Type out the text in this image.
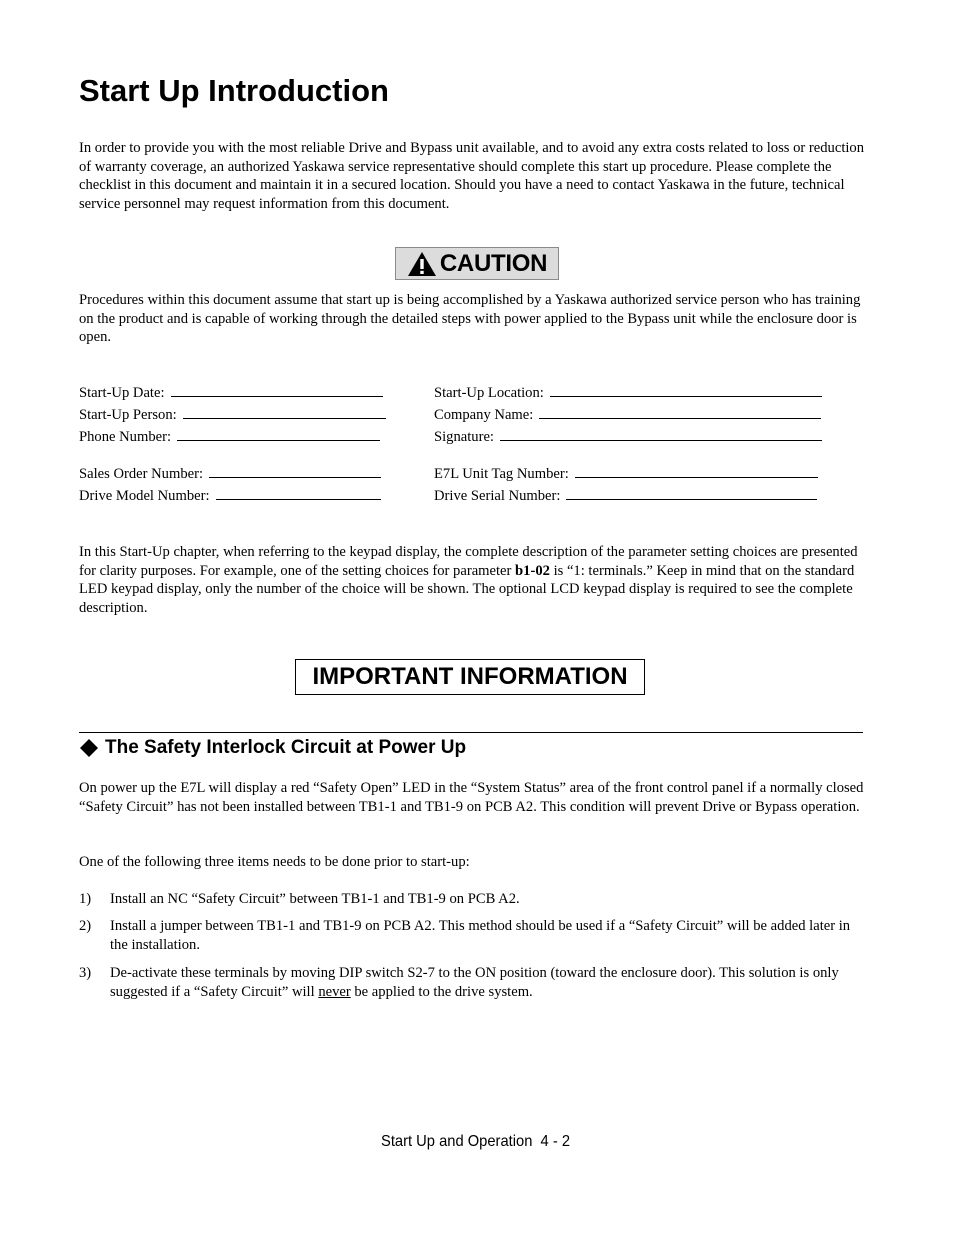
Start Up Introduction

In order to provide you with the most reliable Drive and Bypass unit available, and to avoid any extra costs related to loss or reduction of warranty coverage, an authorized Yaskawa service representative should complete this start up procedure. Please complete the checklist in this document and maintain it in a secured location. Should you have a need to contact Yaskawa in the future, technical service personnel may request information from this document.

CAUTION

Procedures within this document assume that start up is being accomplished by a Yaskawa authorized service person who has training on the product and is capable of working through the detailed steps with power applied to the Bypass unit while the enclosure door is open.

Start-Up Date:
Start-Up Person:
Phone Number:
Sales Order Number:
Drive Model Number:
Start-Up Location:
Company Name:
Signature:
E7L Unit Tag Number:
Drive Serial Number:

In this Start-Up chapter, when referring to the keypad display, the complete description of the parameter setting choices are presented for clarity purposes. For example, one of the setting choices for parameter b1-02 is “1: terminals.” Keep in mind that on the standard LED keypad display, only the number of the choice will be shown. The optional LCD keypad display is required to see the complete description.

IMPORTANT INFORMATION
The Safety Interlock Circuit at Power Up

On power up the E7L will display a red “Safety Open” LED in the “System Status” area of the front control panel if a normally closed “Safety Circuit” has not been installed between TB1-1 and TB1-9 on PCB A2. This condition will prevent Drive or Bypass operation.

One of the following three items needs to be done prior to start-up:

1) Install an NC “Safety Circuit” between TB1-1 and TB1-9 on PCB A2.
2) Install a jumper between TB1-1 and TB1-9 on PCB A2. This method should be used if a “Safety Circuit” will be added later in the installation.
3) De-activate these terminals by moving DIP switch S2-7 to the ON position (toward the enclosure door). This solution is only suggested if a “Safety Circuit” will never be applied to the drive system.
Start Up and Operation  4 - 2
